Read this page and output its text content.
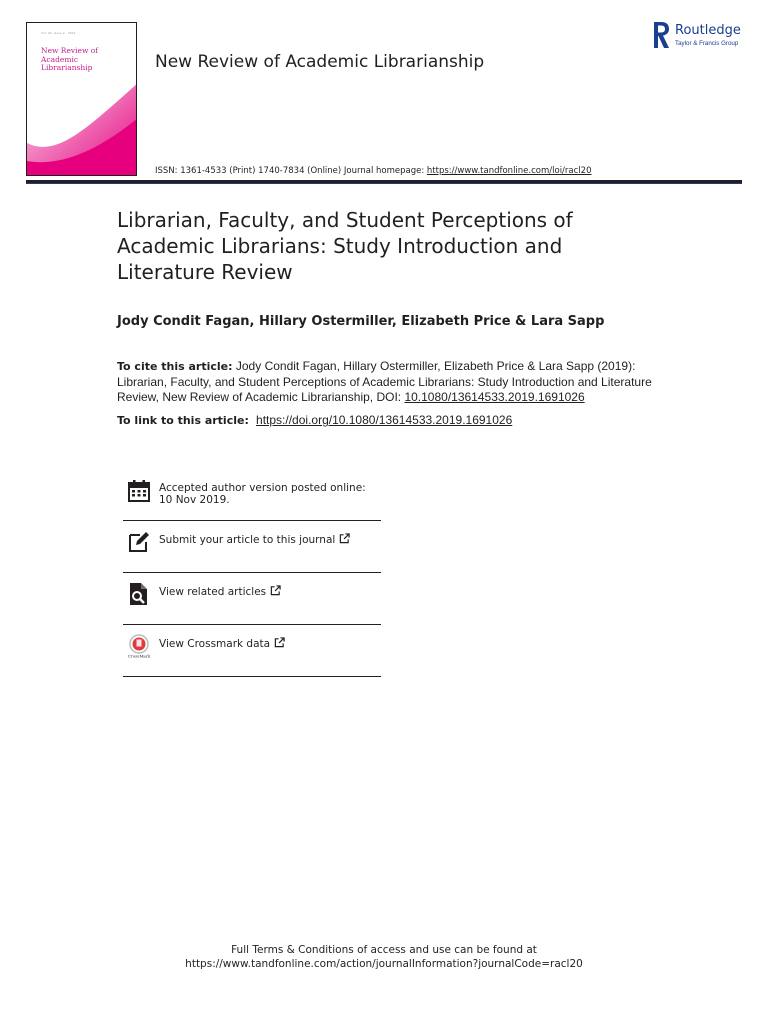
Vol. 25, Issue 2 · 2019
New Review of Academic Librarianship	New Review of Academic Librarianship
ISSN: 1361-4533 (Print) 1740-7834 (Online) Journal homepage: https://www.tandfonline.com/loi/racl20
Routledge
Taylor & Francis Group
Librarian, Faculty, and Student Perceptions of Academic Librarians: Study Introduction and Literature Review
Jody Condit Fagan, Hillary Ostermiller, Elizabeth Price & Lara Sapp
To cite this article: Jody Condit Fagan, Hillary Ostermiller, Elizabeth Price & Lara Sapp (2019): Librarian, Faculty, and Student Perceptions of Academic Librarians: Study Introduction and Literature Review, New Review of Academic Librarianship, DOI: 10.1080/13614533.2019.1691026
To link to this article:  https://doi.org/10.1080/13614533.2019.1691026
Accepted author version posted online: 10 Nov 2019.
Submit your article to this journal
View related articles
CrossMark
View Crossmark data
Full Terms & Conditions of access and use can be found at
https://www.tandfonline.com/action/journalInformation?journalCode=racl20
